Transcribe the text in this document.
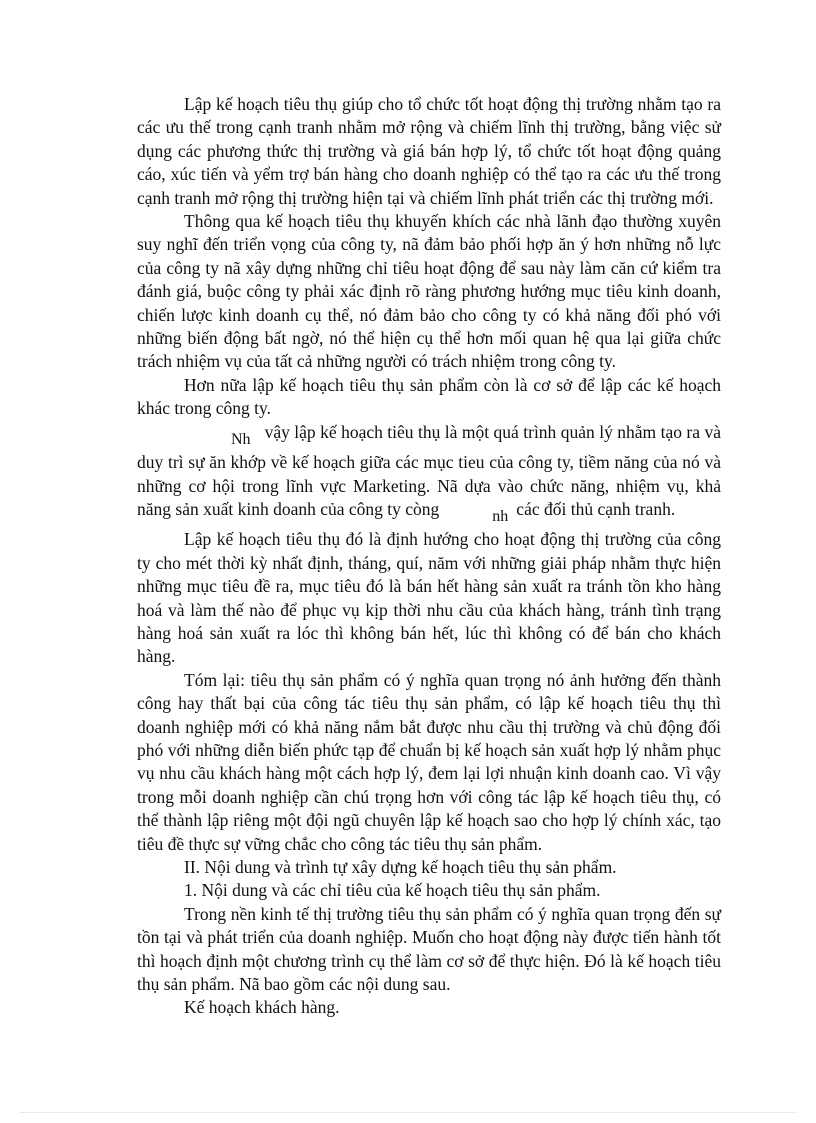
Lập kế hoạch tiêu thụ giúp cho tổ chức tốt hoạt động thị trường nhằm tạo ra các ưu thế trong cạnh tranh nhằm mở rộng và chiếm lĩnh thị trường, bằng việc sử dụng các phương thức thị trường và giá bán hợp lý, tổ chức tốt hoạt động quảng cáo, xúc tiến và yểm trợ bán hàng cho doanh nghiệp có thể tạo ra các ưu thế trong cạnh tranh mở rộng thị trường hiện tại và chiếm lĩnh phát triển các thị trường mới.

Thông qua kế hoạch tiêu thụ khuyến khích các nhà lãnh đạo thường xuyên suy nghĩ đến triển vọng của công ty, nã đảm bảo phối hợp ăn ý hơn những nỗ lực của công ty nã xây dựng những chỉ tiêu hoạt động để sau này làm căn cứ kiểm tra đánh giá, buộc công ty phải xác định rõ ràng phương hướng mục tiêu kinh doanh, chiến lược kinh doanh cụ thể, nó đảm bảo cho công ty có khả năng đối phó với những biến động bất ngờ, nó thể hiện cụ thể hơn mối quan hệ qua lại giữa chức trách nhiệm vụ của tất cả những người có trách nhiệm trong công ty.

Hơn nữa lập kế hoạch tiêu thụ sản phẩm còn là cơ sở để lập các kế hoạch khác trong công ty.

Nh vậy lập kế hoạch tiêu thụ là một quá trình quản lý nhằm tạo ra và duy trì sự ăn khớp về kế hoạch giữa các mục tieu của công ty, tiềm năng của nó và những cơ hội trong lĩnh vực Marketing. Nã dựa vào chức năng, nhiệm vụ, khả năng sản xuất kinh doanh của công ty còng	nh các đối thủ cạnh tranh.

Lập kế hoạch tiêu thụ đó là định hướng cho hoạt động thị trường của công ty cho mét thời kỳ nhất định, tháng, quí, năm với những giải pháp nhằm thực hiện những mục tiêu đề ra, mục tiêu đó là bán hết hàng sản xuất ra tránh tồn kho hàng hoá và làm thế nào để phục vụ kịp thời nhu cầu của khách hàng, tránh tình trạng hàng hoá sản xuất ra lóc thì không bán hết, lúc thì không có để bán cho khách hàng.

Tóm lại: tiêu thụ sản phẩm có ý nghĩa quan trọng nó ảnh hưởng đến thành công hay thất bại của công tác tiêu thụ sản phẩm, có lập kế hoạch tiêu thụ thì doanh nghiệp mới có khả năng nắm bắt được nhu cầu thị trường và chủ động đối phó với những diễn biến phức tạp để chuẩn bị kế hoạch sản xuất hợp lý nhằm phục vụ nhu cầu khách hàng một cách hợp lý, đem lại lợi nhuận kinh doanh cao. Vì vậy trong mỗi doanh nghiệp cần chú trọng hơn với công tác lập kế hoạch tiêu thụ, có thể thành lập riêng một đội ngũ chuyên lập kế hoạch sao cho hợp lý chính xác, tạo tiêu đề thực sự vững chắc cho công tác tiêu thụ sản phẩm.

II. Nội dung và trình tự xây dựng kế hoạch tiêu thụ sản phẩm.

1. Nội dung và các chỉ tiêu của kế hoạch tiêu thụ sản phẩm.

Trong nền kinh tế thị trường tiêu thụ sản phẩm có ý nghĩa quan trọng đến sự tồn tại và phát triển của doanh nghiệp. Muốn cho hoạt động này được tiến hành tốt thì hoạch định một chương trình cụ thể làm cơ sở để thực hiện. Đó là kế hoạch tiêu thụ sản phẩm. Nã bao gồm các nội dung sau.

Kế hoạch khách hàng.
